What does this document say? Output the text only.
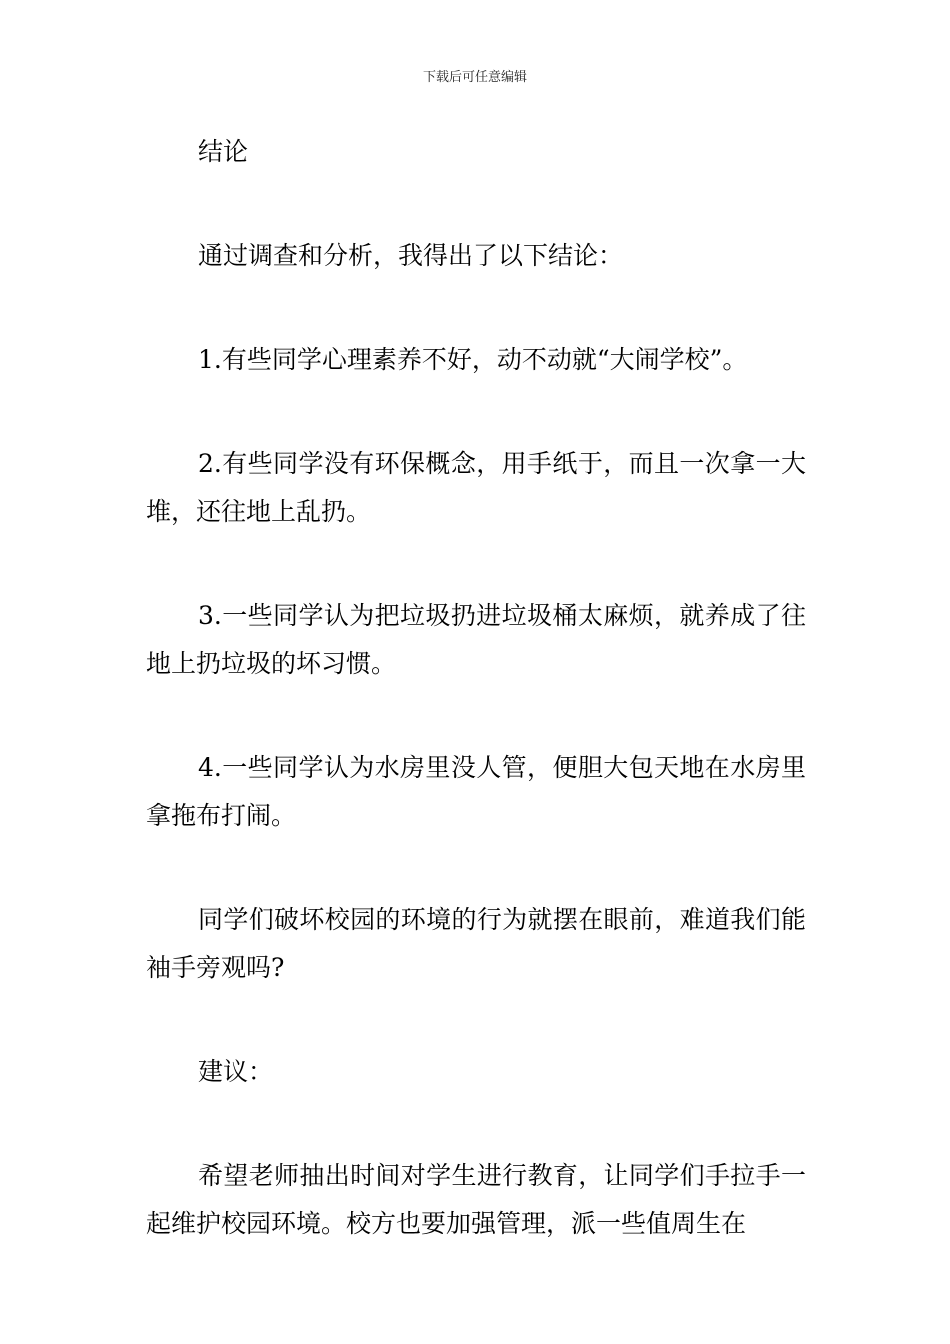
下载后可任意编辑

结论

通过调查和分析，我得出了以下结论：

1.有些同学心理素养不好，动不动就“大闹学校”。

2.有些同学没有环保概念，用手纸于，而且一次拿一大堆，还往地上乱扔。

3.一些同学认为把垃圾扔进垃圾桶太麻烦，就养成了往地上扔垃圾的坏习惯。

4.一些同学认为水房里没人管，便胆大包天地在水房里拿拖布打闹。

同学们破坏校园的环境的行为就摆在眼前，难道我们能袖手旁观吗?

建议：

希望老师抽出时间对学生进行教育，让同学们手拉手一起维护校园环境。校方也要加强管理，派一些值周生在
